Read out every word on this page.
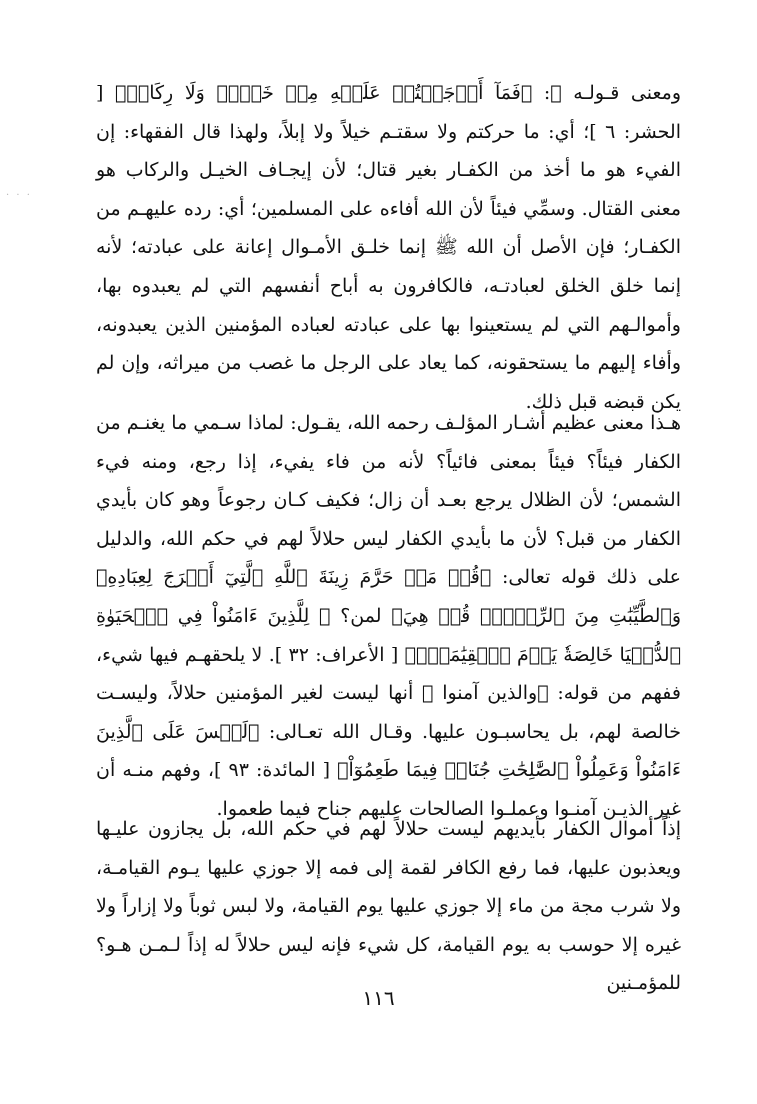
· · ·

ومعنى قـولـه ﷺ: ﴿فَمَآ أَوۡجَفۡتُمۡ عَلَيۡهِ مِنۡ خَيۡلٖ وَلَا رِكَابٖ﴾ [ الحشر: ٦ ]؛ أي: ما حركتم ولا سقتـم خيلاً ولا إبلاً، ولهذا قال الفقهاء: إن الفيء هو ما أخذ من الكفـار بغير قتال؛ لأن إيجـاف الخيـل والركاب هو معنى القتال. وسمِّي فيئاً لأن الله أفاءه على المسلمين؛ أي: رده عليهـم من الكفـار؛ فإن الأصل أن الله ﷺ إنما خلـق الأمـوال إعانة على عبادته؛ لأنه إنما خلق الخلق لعبادتـه، فالكافرون به أباح أنفسهم التي لم يعبدوه بها، وأموالـهم التي لم يستعينوا بها على عبادته لعباده المؤمنين الذين يعبدونه، وأفاء إليهم ما يستحقونه، كما يعاد على الرجل ما غصب من ميراثه، وإن لم يكن قبضه قبل ذلك.

هـذا معنى عظيم أشـار المؤلـف رحمه الله، يقـول: لماذا سـمي ما يغنـم من الكفار فيئاً؟ فيئاً بمعنى فائياً؟ لأنه من فاء يفيء، إذا رجع، ومنه فيء الشمس؛ لأن الظلال يرجع بعـد أن زال؛ فكيف كـان رجوعاً وهو كان بأيدي الكفار من قبل؟ لأن ما بأيدي الكفار ليس حلالاً لهم في حكم الله، والدليل على ذلك قوله تعالى: ﴿قُلۡ مَنۡ حَرَّمَ زِينَةَ ٱللَّهِ ٱلَّتِيٓ أَخۡرَجَ لِعِبَادِهِۦ وَٱلطَّيِّبَٰتِ مِنَ ٱلرِّزۡقِۚ قُلۡ هِيَ﴾ لمن؟ ﴿ لِلَّذِينَ ءَامَنُواْ فِي ٱلۡحَيَوٰةِ ٱلدُّنۡيَا خَالِصَةٗ يَوۡمَ ٱلۡقِيَٰمَةِۗ﴾ [ الأعراف: ٣٢ ]. لا يلحقهـم فيها شيء، ففهم من قوله: ﴿والذين آمنوا ﴾ أنها ليست لغير المؤمنين حلالاً، وليسـت خالصة لهم، بل يحاسبـون عليها. وقـال الله تعـالى: ﴿لَيۡسَ عَلَى ٱلَّذِينَ ءَامَنُواْ وَعَمِلُواْ ٱلصَّٰلِحَٰتِ جُنَاحٞ فِيمَا طَعِمُوٓاْ﴾ [ المائدة: ٩٣ ]، وفهم منـه أن غير الذيـن آمنـوا وعملـوا الصالحات عليهم جناح فيما طعموا.

إذاً أموال الكفار بأيديهم ليست حلالاً لهم في حكم الله، بل يجازون عليـها ويعذبون عليها، فما رفع الكافر لقمة إلى فمه إلا جوزي عليها يـوم القيامـة، ولا شرب مجة من ماء إلا جوزي عليها يوم القيامة، ولا لبس ثوباً ولا إزاراً ولا غيره إلا حوسب به يوم القيامة، كل شيء فإنه ليس حلالاً له إذاً لـمـن هـو؟ للمؤمـنين

١١٦
